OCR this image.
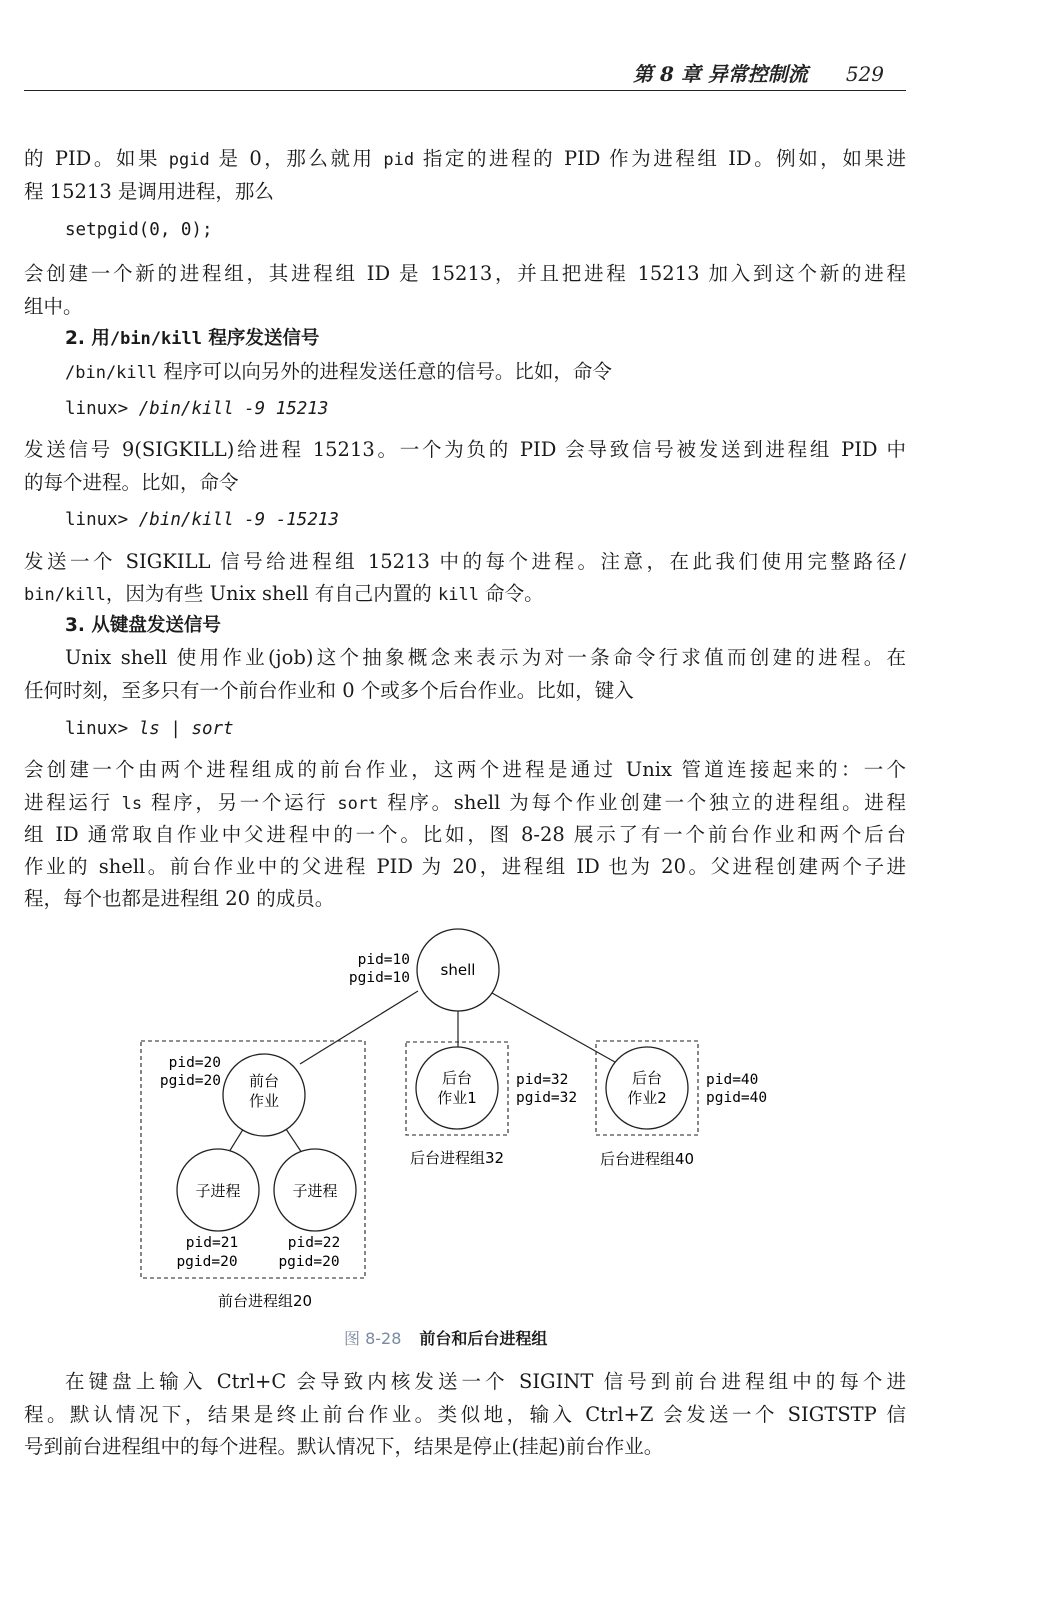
第 8 章 异常控制流 529
的 PID。如果 pgid 是 0，那么就用 pid 指定的进程的 PID 作为进程组 ID。例如，如果进
程 15213 是调用进程，那么
setpgid(0, 0);
会创建一个新的进程组，其进程组 ID 是 15213，并且把进程 15213 加入到这个新的进程
组中。
2. 用/bin/kill 程序发送信号
/bin/kill 程序可以向另外的进程发送任意的信号。比如，命令
linux> /bin/kill -9 15213
发送信号 9(SIGKILL)给进程 15213。一个为负的 PID 会导致信号被发送到进程组 PID 中
的每个进程。比如，命令
linux> /bin/kill -9 -15213
发送一个 SIGKILL 信号给进程组 15213 中的每个进程。注意，在此我们使用完整路径/
bin/kill，因为有些 Unix shell 有自己内置的 kill 命令。
3. 从键盘发送信号
Unix shell 使用作业(job)这个抽象概念来表示为对一条命令行求值而创建的进程。在
任何时刻，至多只有一个前台作业和 0 个或多个后台作业。比如，键入
linux> ls | sort
会创建一个由两个进程组成的前台作业，这两个进程是通过 Unix 管道连接起来的：一个
进程运行 ls 程序，另一个运行 sort 程序。shell 为每个作业创建一个独立的进程组。进程
组 ID 通常取自作业中父进程中的一个。比如，图 8-28 展示了有一个前台作业和两个后台
作业的 shell。前台作业中的父进程 PID 为 20，进程组 ID 也为 20。父进程创建两个子进
程，每个也都是进程组 20 的成员。
shell
pid=10
pgid=10
前台
作业
pid=20
pgid=20
子进程
pid=21
pgid=20
子进程
pid=22
pgid=20
后台
作业1
pid=32
pgid=32
后台
作业2
pid=40
pgid=40
前台进程组20
后台进程组32	后台进程组40
图 8-28 前台和后台进程组
在键盘上输入 Ctrl+C 会导致内核发送一个 SIGINT 信号到前台进程组中的每个进
程。默认情况下，结果是终止前台作业。类似地，输入 Ctrl+Z 会发送一个 SIGTSTP 信
号到前台进程组中的每个进程。默认情况下，结果是停止(挂起)前台作业。
